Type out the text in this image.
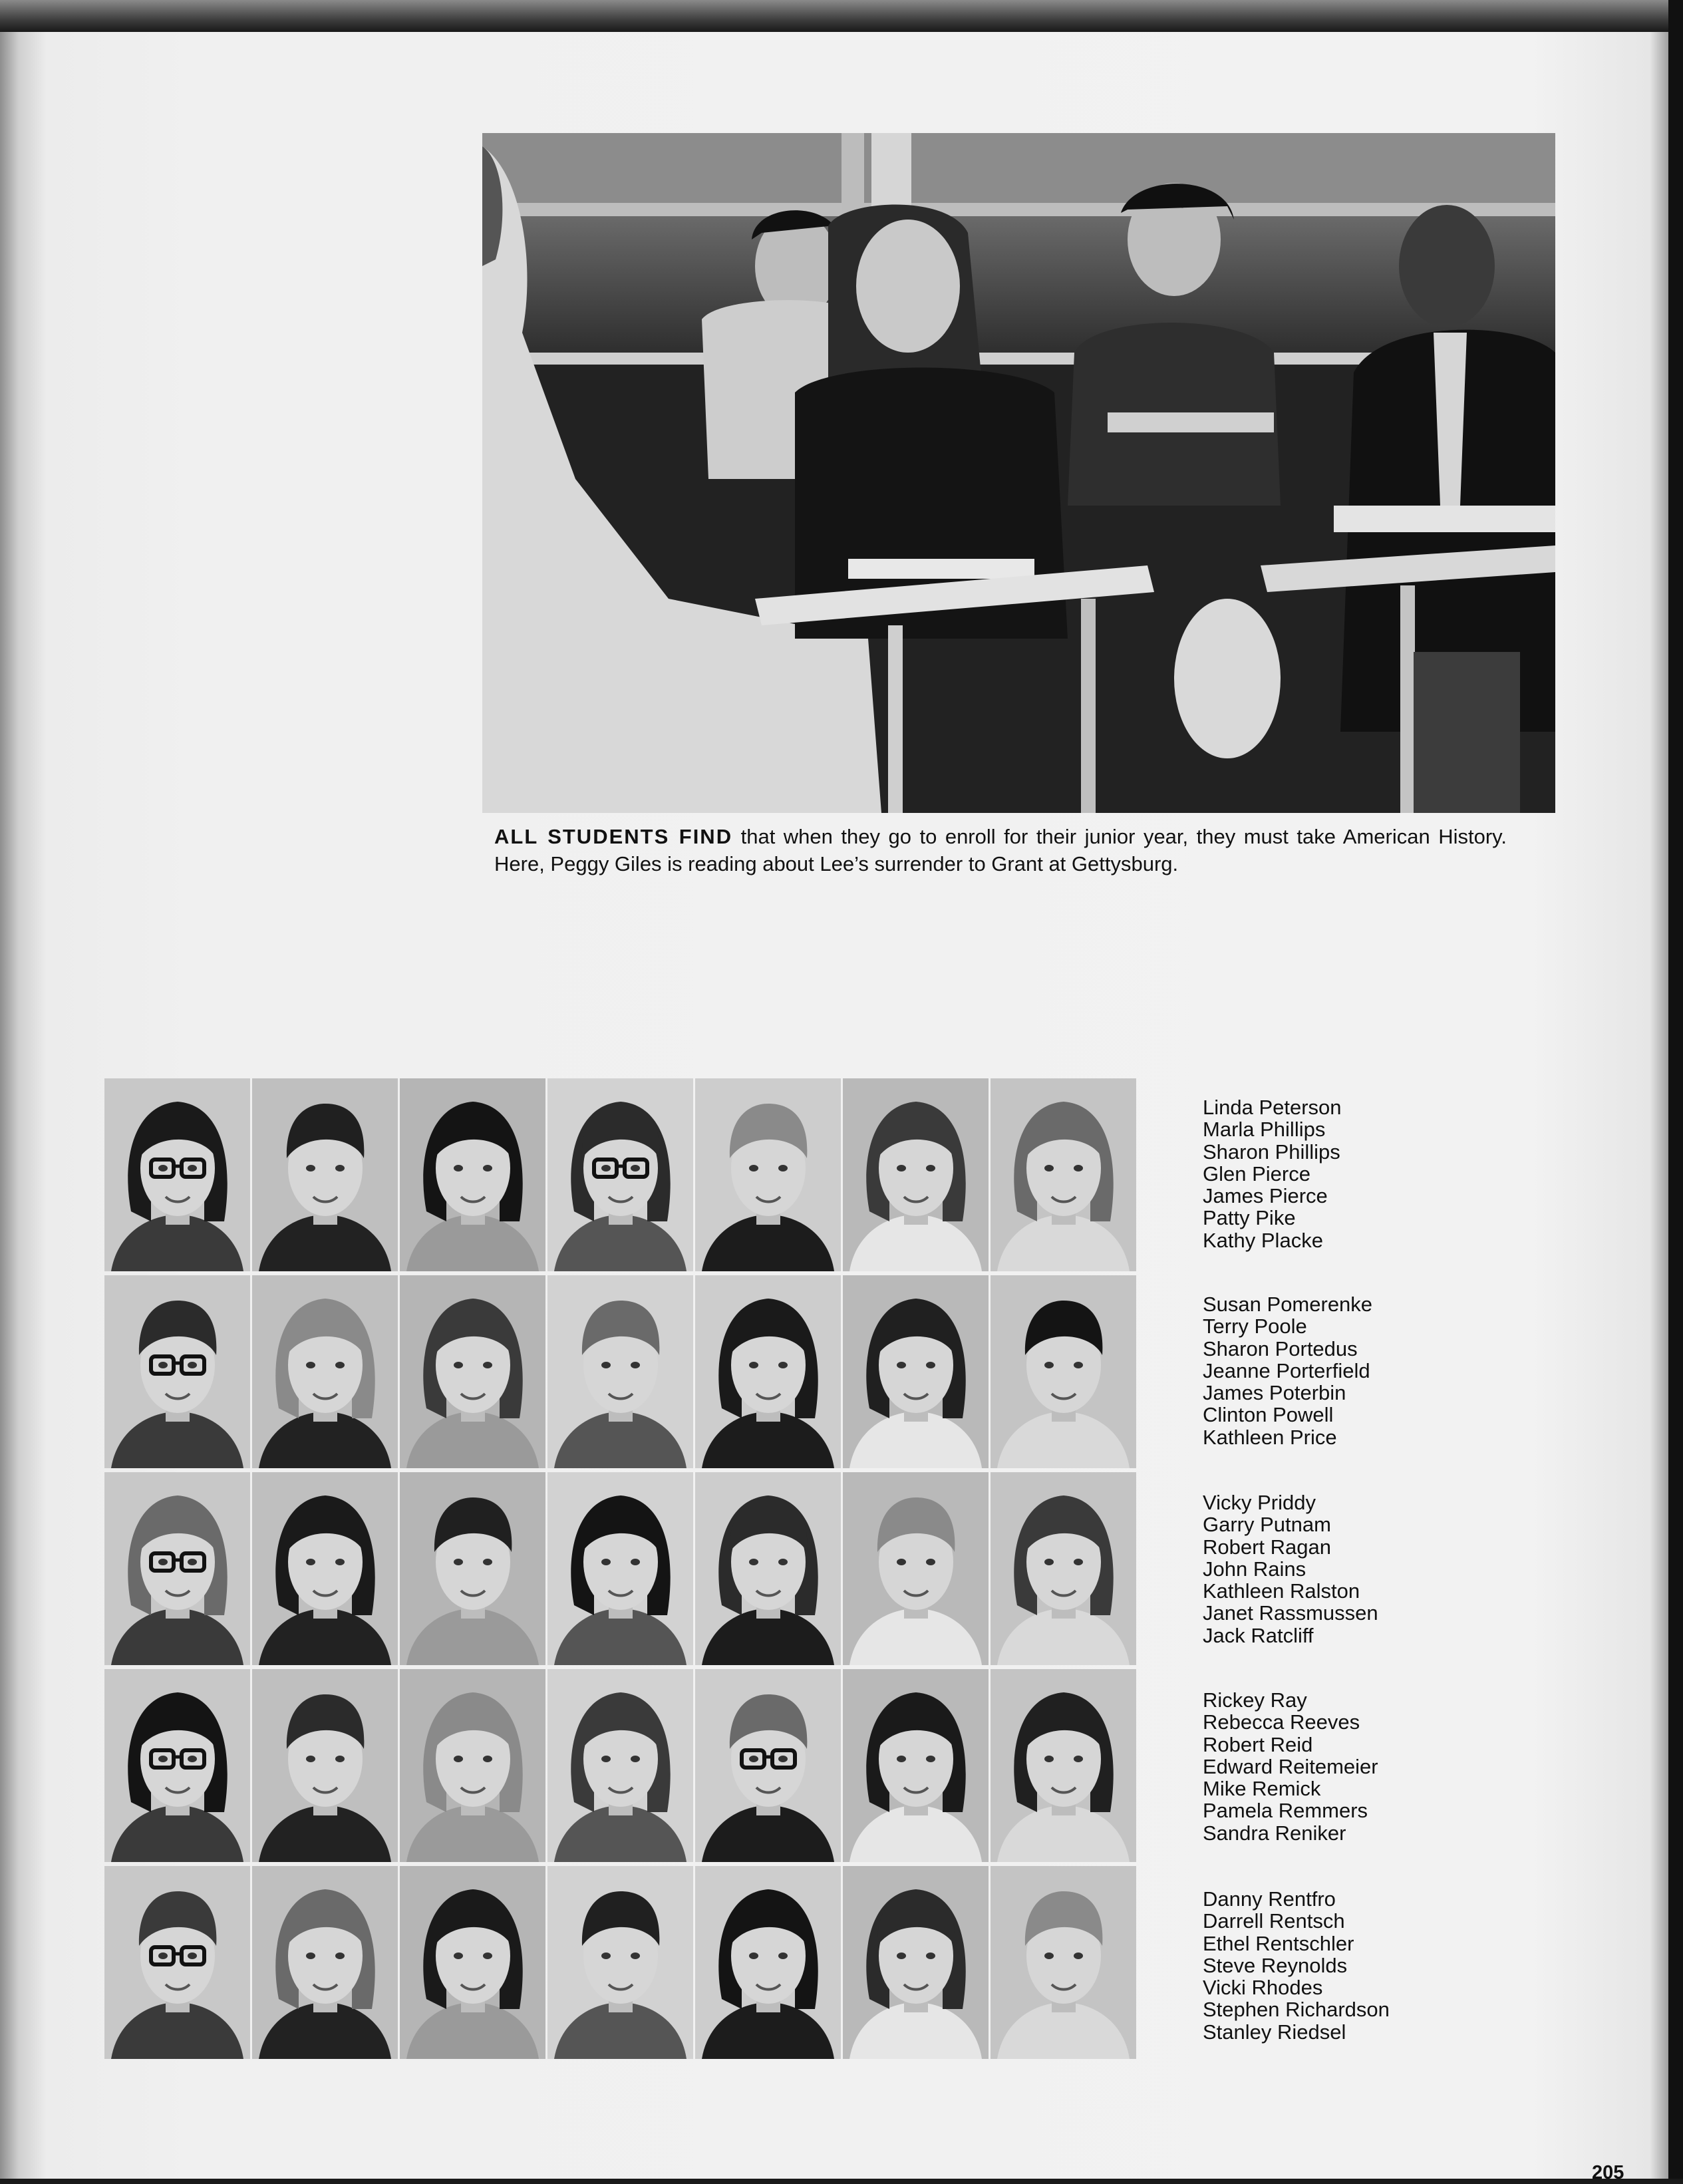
ALL STUDENTS FIND that when they go to enroll for their junior year, they must take American History. Here, Peggy Giles is reading about Lee’s surrender to Grant at Gettysburg.
Linda Peterson
Marla Phillips
Sharon Phillips
Glen Pierce
James Pierce
Patty Pike
Kathy Placke
Susan Pomerenke
Terry Poole
Sharon Portedus
Jeanne Porterfield
James Poterbin
Clinton Powell
Kathleen Price
Vicky Priddy
Garry Putnam
Robert Ragan
John Rains
Kathleen Ralston
Janet Rassmussen
Jack Ratcliff
Rickey Ray
Rebecca Reeves
Robert Reid
Edward Reitemeier
Mike Remick
Pamela Remmers
Sandra Reniker
Danny Rentfro
Darrell Rentsch
Ethel Rentschler
Steve Reynolds
Vicki Rhodes
Stephen Richardson
Stanley Riedsel
205
